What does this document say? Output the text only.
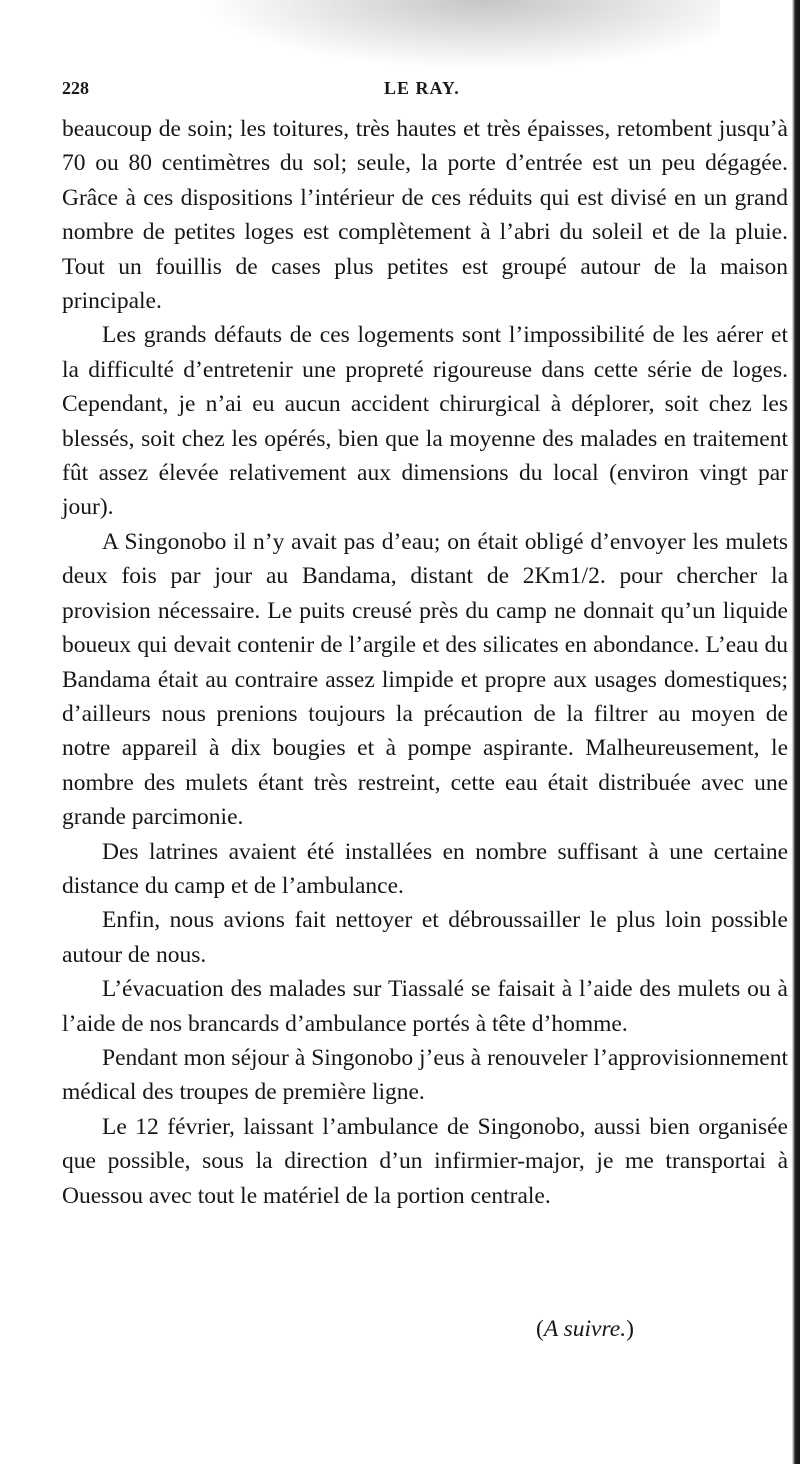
228	LE RAY.

beaucoup de soin; les toitures, très hautes et très épaisses, retombent jusqu’à 70 ou 80 centimètres du sol; seule, la porte d’entrée est un peu dégagée. Grâce à ces dispositions l’intérieur de ces réduits qui est divisé en un grand nombre de petites loges est complètement à l’abri du soleil et de la pluie. Tout un fouillis de cases plus petites est groupé autour de la maison principale.

Les grands défauts de ces logements sont l’impossibilité de les aérer et la difficulté d’entretenir une propreté rigoureuse dans cette série de loges. Cependant, je n’ai eu aucun accident chirurgical à déplorer, soit chez les blessés, soit chez les opérés, bien que la moyenne des malades en traitement fût assez élevée relativement aux dimensions du local (environ vingt par jour).

A Singonobo il n’y avait pas d’eau; on était obligé d’envoyer les mulets deux fois par jour au Bandama, distant de 2Km1/2. pour chercher la provision nécessaire. Le puits creusé près du camp ne donnait qu’un liquide boueux qui devait contenir de l’argile et des silicates en abondance. L’eau du Bandama était au contraire assez limpide et propre aux usages domestiques; d’ailleurs nous prenions toujours la précaution de la filtrer au moyen de notre appareil à dix bougies et à pompe aspirante. Malheureusement, le nombre des mulets étant très restreint, cette eau était distribuée avec une grande parcimonie.

Des latrines avaient été installées en nombre suffisant à une certaine distance du camp et de l’ambulance.

Enfin, nous avions fait nettoyer et débroussailler le plus loin possible autour de nous.

L’évacuation des malades sur Tiassalé se faisait à l’aide des mulets ou à l’aide de nos brancards d’ambulance portés à tête d’homme.

Pendant mon séjour à Singonobo j’eus à renouveler l’approvisionnement médical des troupes de première ligne.

Le 12 février, laissant l’ambulance de Singonobo, aussi bien organisée que possible, sous la direction d’un infirmier-major, je me transportai à Ouessou avec tout le matériel de la portion centrale.

(A suivre.)
